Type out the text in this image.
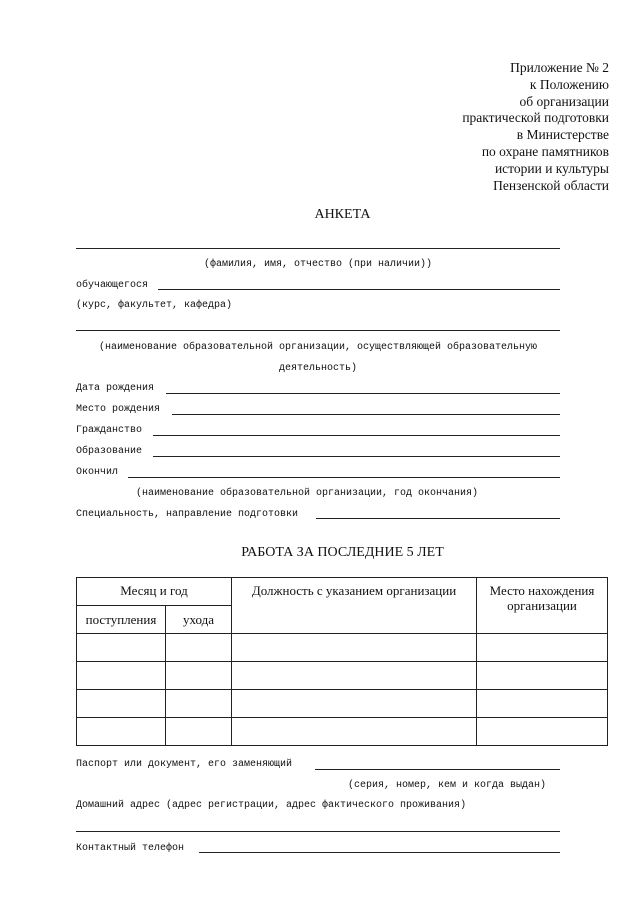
Приложение № 2
к Положению
об организации
практической подготовки
в Министерстве
по охране памятников
истории и культуры
Пензенской области
АНКЕТА
(фамилия, имя, отчество (при наличии))
обучающегося
(курс, факультет, кафедра)
(наименование образовательной организации, осуществляющей образовательную
деятельность)
Дата рождения
Место рождения
Гражданство
Образование
Окончил
(наименование образовательной организации, год окончания)
Специальность, направление подготовки
РАБОТА ЗА ПОСЛЕДНИЕ 5 ЛЕТ
Месяц и год		Должность с указанием организации	Место нахождения организации
поступления	ухода		

Паспорт или документ, его заменяющий
(серия, номер, кем и когда выдан)
Домашний адрес (адрес регистрации, адрес фактического проживания)
Контактный телефон
